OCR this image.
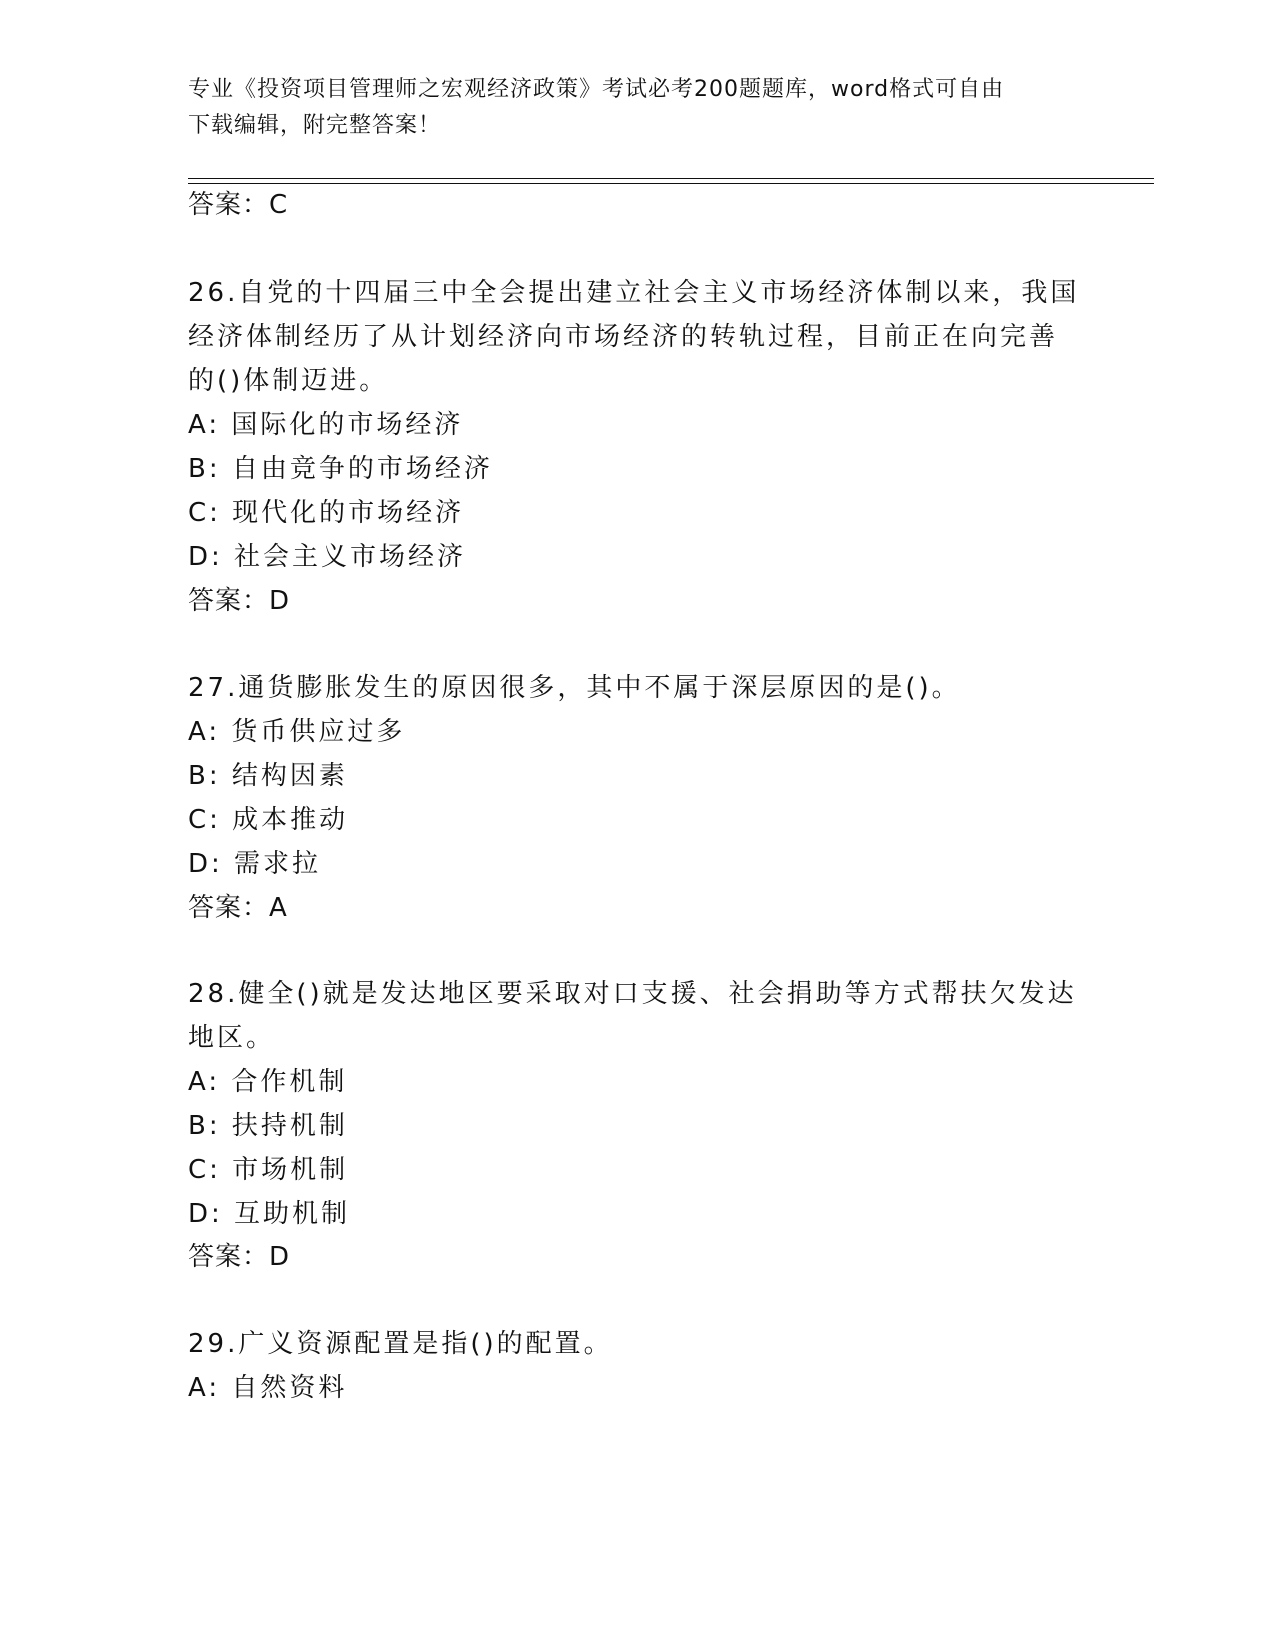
专业《投资项目管理师之宏观经济政策》考试必考200题题库，word格式可自由
下载编辑，附完整答案！
答案：C
26.自党的十四届三中全会提出建立社会主义市场经济体制以来，我国
经济体制经历了从计划经济向市场经济的转轨过程，目前正在向完善
的()体制迈进。
A: 国际化的市场经济
B: 自由竞争的市场经济
C: 现代化的市场经济
D: 社会主义市场经济
答案：D
27.通货膨胀发生的原因很多，其中不属于深层原因的是()。
A: 货币供应过多
B: 结构因素
C: 成本推动
D: 需求拉
答案：A
28.健全()就是发达地区要采取对口支援、社会捐助等方式帮扶欠发达
地区。
A: 合作机制
B: 扶持机制
C: 市场机制
D: 互助机制
答案：D
29.广义资源配置是指()的配置。
A: 自然资料
